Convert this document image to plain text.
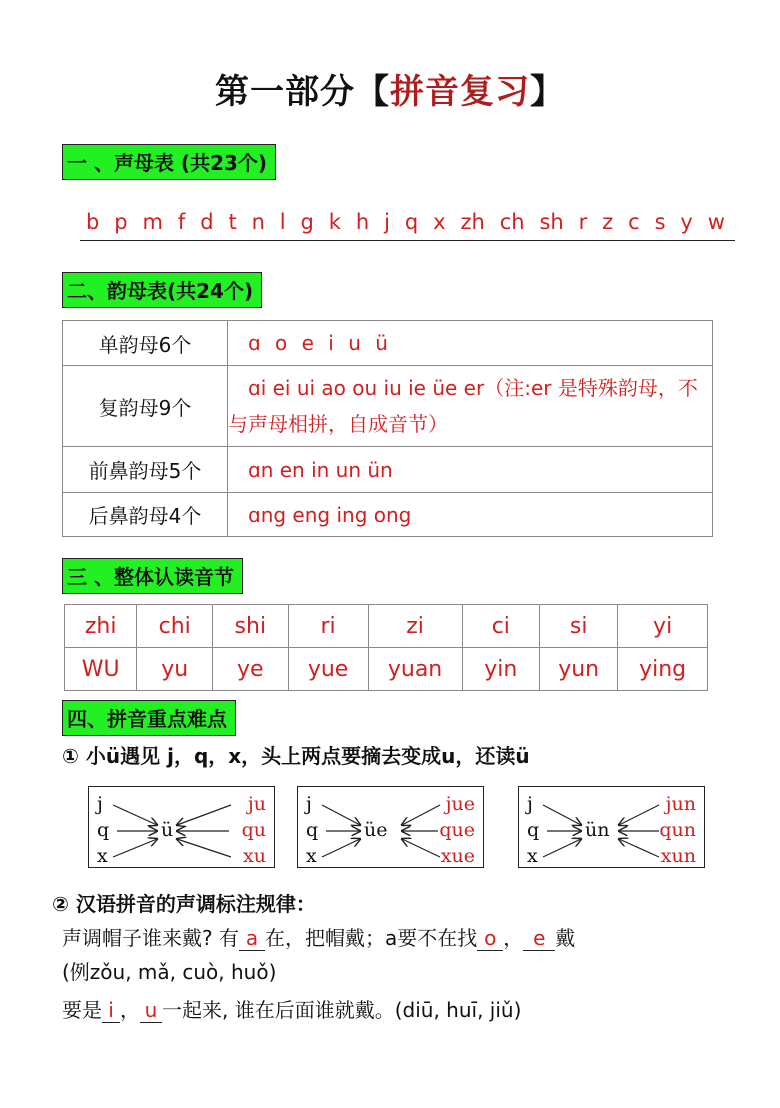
第一部分【拼音复习】
一 、声母表 (共23个)
b p m f d t n l g k h j q x zh ch sh r z c s y w
二、韵母表(共24个)
单韵母6个	ɑ o e i u ü
复韵母9个	ɑi ei ui ao ou iu ie üe er（注:er 是特殊韵母，不与声母相拼，自成音节）
前鼻韵母5个	ɑn en in un ün
后鼻韵母4个	ɑng eng ing ong
三 、整体认读音节
zhi	chi	shi	ri	zi	ci	si	yi
WU	yu	ye	yue	yuan	yin	yun	ying
四、拼音重点难点
① 小ü遇见 j，q，x，头上两点要摘去变成u，还读ü
j
q
x
ü
ju
qu
xu
j
q
x
üe
jue
que
xue
j
q
x
ün
jun
qun
xun
② 汉语拼音的声调标注规律：
声调帽子谁来戴? 有 a 在，把帽戴；a要不在找 o ， e 戴
(例zǒu, mǎ, cuò, huǒ)
要是 i ， u 一起来, 谁在后面谁就戴。(diū, huī, jiǔ)
